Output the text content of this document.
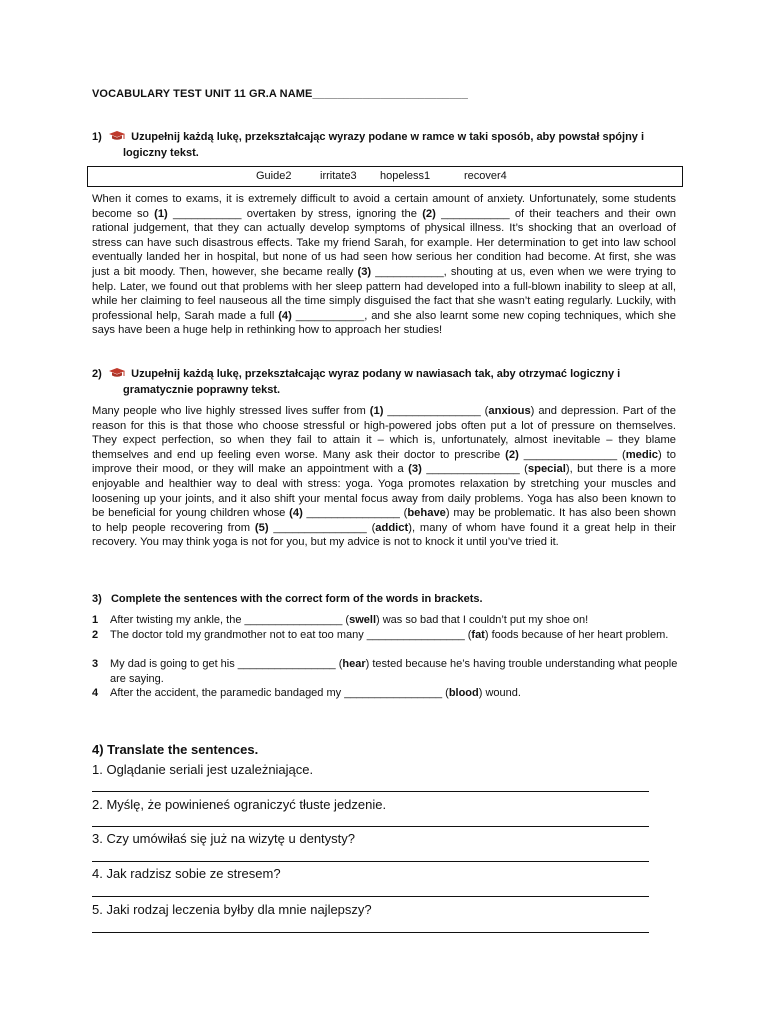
VOCABULARY TEST UNIT 11 GR.A NAME_________________________
1)	Uzupełnij każdą lukę, przekształcając wyrazy podane w ramce w taki sposób, aby powstał spójny i
logiczny tekst.
Guide2	irritate3 hopeless1	recover4
When it comes to exams, it is extremely difficult to avoid a certain amount of anxiety. Unfortunately, some students become so (1) ___________ overtaken by stress, ignoring the (2) ___________ of their teachers and their own rational judgement, that they can actually develop symptoms of physical illness. It’s shocking that an overload of stress can have such disastrous effects. Take my friend Sarah, for example. Her determination to get into law school eventually landed her in hospital, but none of us had seen how serious her condition had become. At first, she was just a bit moody. Then, however, she became really (3) ___________, shouting at us, even when we were trying to help. Later, we found out that problems with her sleep pattern had developed into a full-blown inability to sleep at all, while her claiming to feel nauseous all the time simply disguised the fact that she wasn’t eating regularly. Luckily, with professional help, Sarah made a full (4) ___________, and she also learnt some new coping techniques, which she says have been a huge help in rethinking how to approach her studies!
2)	Uzupełnij każdą lukę, przekształcając wyraz podany w nawiasach tak, aby otrzymać logiczny i
gramatycznie poprawny tekst.
Many people who live highly stressed lives suffer from (1) _______________ (anxious) and depression. Part of the reason for this is that those who choose stressful or high-powered jobs often put a lot of pressure on themselves. They expect perfection, so when they fail to attain it – which is, unfortunately, almost inevitable – they blame themselves and end up feeling even worse. Many ask their doctor to prescribe (2) _______________ (medic) to improve their mood, or they will make an appointment with a (3) _______________ (special), but there is a more enjoyable and healthier way to deal with stress: yoga. Yoga promotes relaxation by stretching your muscles and loosening up your joints, and it also shift your mental focus away from daily problems. Yoga has also been known to be beneficial for young children whose (4) _______________ (behave) may be problematic. It has also been shown to help people recovering from (5) _______________ (addict), many of whom have found it a great help in their recovery. You may think yoga is not for you, but my advice is not to knock it until you’ve tried it.
3)   Complete the sentences with the correct form of the words in brackets.
1	After twisting my ankle, the ________________ (swell) was so bad that I couldn’t put my shoe on!
2	The doctor told my grandmother not to eat too many ________________ (fat) foods because of her heart problem.
3	My dad is going to get his ________________ (hear) tested because he’s having trouble understanding what people are saying.
4	After the accident, the paramedic bandaged my ________________ (blood) wound.
4) Translate the sentences.
1. Oglądanie seriali jest uzależniające.
2. Myślę, że powinieneś ograniczyć tłuste jedzenie.
3. Czy umówiłaś się już na wizytę u dentysty?
4. Jak radzisz sobie ze stresem?
5. Jaki rodzaj leczenia byłby dla mnie najlepszy?
